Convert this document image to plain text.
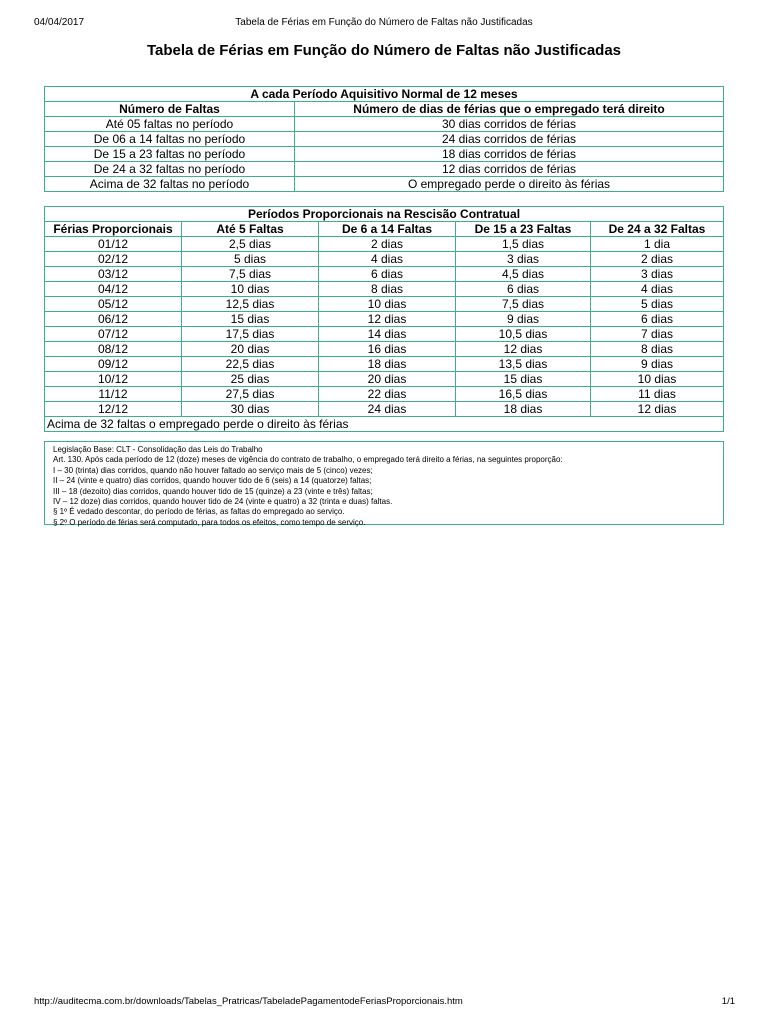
04/04/2017	Tabela de Férias em Função do Número de Faltas não Justificadas
Tabela de Férias em Função do Número de Faltas não Justificadas
A cada Período Aquisitivo Normal de 12 meses	
Número de Faltas	Número de dias de férias que o empregado terá direito
Até 05 faltas no período	30 dias corridos de férias
De 06 a 14 faltas no período	24 dias corridos de férias
De 15 a 23 faltas no período	18 dias corridos de férias
De 24 a 32 faltas no período	12 dias corridos de férias
Acima de 32 faltas no período	O empregado perde o direito às férias
Períodos Proporcionais na Rescisão Contratual				
Férias Proporcionais	Até 5 Faltas	De 6 a 14 Faltas	De 15 a 23 Faltas	De 24 a 32 Faltas
01/12	2,5 dias	2 dias	1,5 dias	1 dia
02/12	5 dias	4 dias	3 dias	2 dias
03/12	7,5 dias	6 dias	4,5 dias	3 dias
04/12	10 dias	8 dias	6 dias	4 dias
05/12	12,5 dias	10 dias	7,5 dias	5 dias
06/12	15 dias	12 dias	9 dias	6 dias
07/12	17,5 dias	14 dias	10,5 dias	7 dias
08/12	20 dias	16 dias	12 dias	8 dias
09/12	22,5 dias	18 dias	13,5 dias	9 dias
10/12	25 dias	20 dias	15 dias	10 dias
11/12	27,5 dias	22 dias	16,5 dias	11 dias
12/12	30 dias	24 dias	18 dias	12 dias
Acima de 32 faltas o empregado perde o direito às férias				
Legislação Base: CLT - Consolidação das Leis do Trabalho
Art. 130. Após cada período de 12 (doze) meses de vigência do contrato de trabalho, o empregado terá direito a férias, na seguintes proporção:
I – 30 (trinta) dias corridos, quando não houver faltado ao serviço mais de 5 (cinco) vezes;
II – 24 (vinte e quatro) dias corridos, quando houver tido de 6 (seis) a 14 (quatorze) faltas;
III – 18 (dezoito) dias corridos, quando houver tido de 15 (quinze) a 23 (vinte e três) faltas;
IV – 12 doze) dias corridos, quando houver tido de 24 (vinte e quatro) a 32 (trinta e duas) faltas.
§ 1º É vedado descontar, do período de férias, as faltas do empregado ao serviço.
§ 2º O período de férias será computado, para todos os efeitos, como tempo de serviço.
http://auditecma.com.br/downloads/Tabelas_Pratricas/TabeladePagamentodeFeriasProporcionais.htm	1/1
